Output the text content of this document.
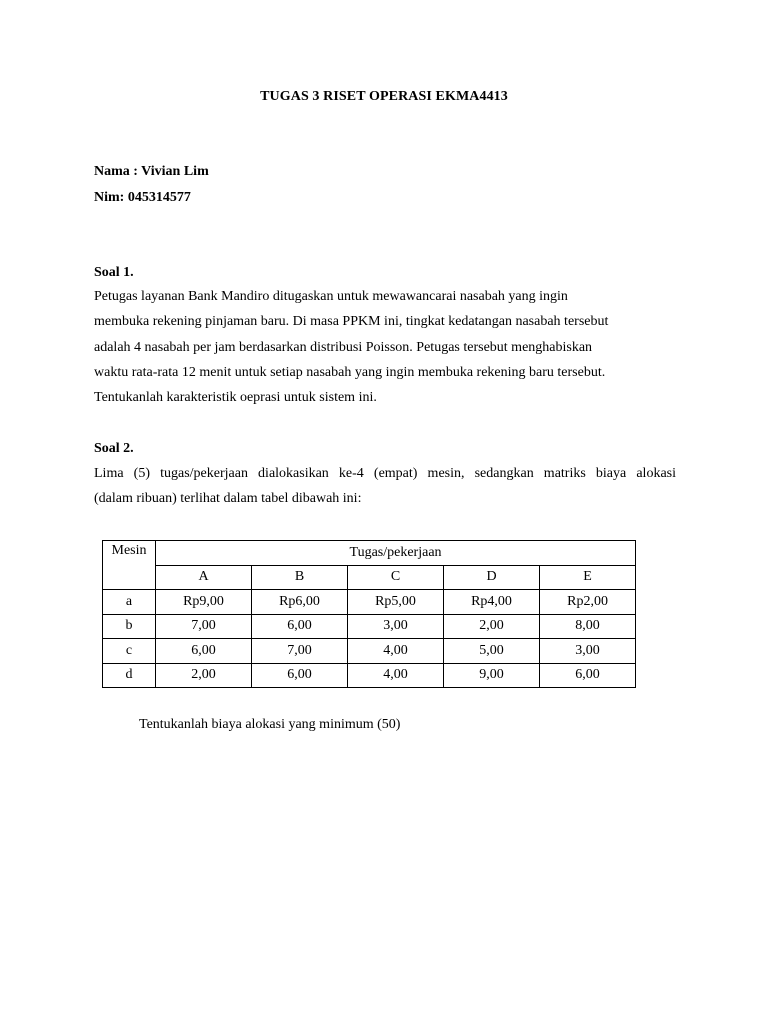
TUGAS 3 RISET OPERASI EKMA4413
Nama : Vivian Lim
Nim: 045314577
Soal 1.

Petugas layanan Bank Mandiro ditugaskan untuk mewawancarai nasabah yang ingin

membuka rekening pinjaman baru. Di masa PPKM ini, tingkat kedatangan nasabah tersebut

adalah 4 nasabah per jam berdasarkan distribusi Poisson. Petugas tersebut menghabiskan

waktu rata-rata 12 menit untuk setiap nasabah yang ingin membuka rekening baru tersebut.

Tentukanlah karakteristik oeprasi untuk sistem ini.

Soal 2.

Lima (5) tugas/pekerjaan dialokasikan ke-4 (empat) mesin, sedangkan matriks biaya alokasi

(dalam ribuan) terlihat dalam tabel dibawah ini:

Mesin	Tugas/pekerjaan				
	A	B	C	D	E
a	Rp9,00	Rp6,00	Rp5,00	Rp4,00	Rp2,00
b	7,00	6,00	3,00	2,00	8,00
c	6,00	7,00	4,00	5,00	3,00
d	2,00	6,00	4,00	9,00	6,00
Tentukanlah biaya alokasi yang minimum (50)
